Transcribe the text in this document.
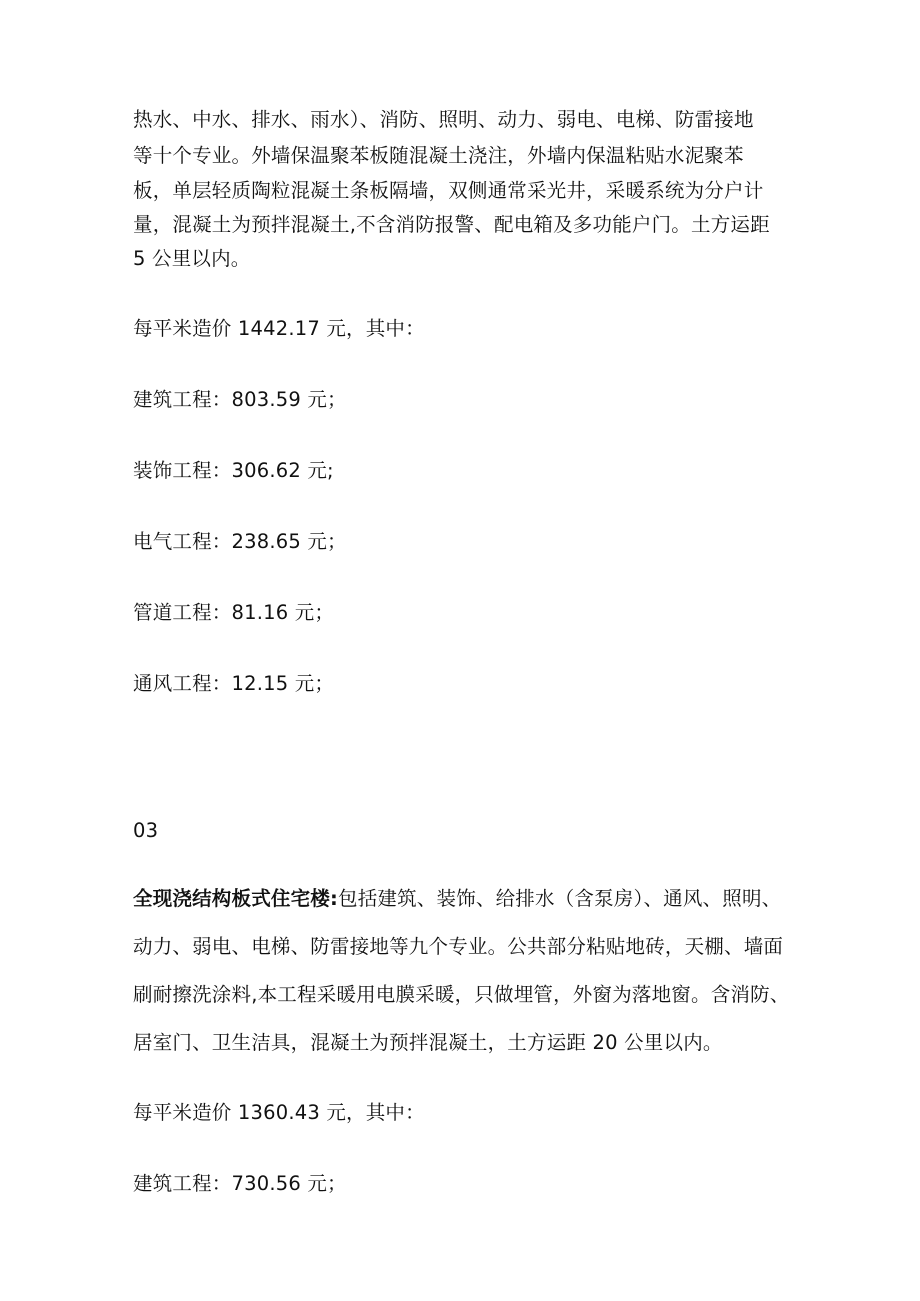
热水、中水、排水、雨水）、消防、照明、动力、弱电、电梯、防雷接地
等十个专业。外墙保温聚苯板随混凝土浇注，外墙内保温粘贴水泥聚苯
板，单层轻质陶粒混凝土条板隔墙，双侧通常采光井，采暖系统为分户计
量，混凝土为预拌混凝土,不含消防报警、配电箱及多功能户门。土方运距
5 公里以内。
每平米造价 1442.17 元，其中：
建筑工程：803.59 元；
装饰工程：306.62 元;
电气工程：238.65 元；
管道工程：81.16 元；
通风工程：12.15 元；
03
全现浇结构板式住宅楼:包括建筑、装饰、给排水（含泵房）、通风、照明、
动力、弱电、电梯、防雷接地等九个专业。公共部分粘贴地砖，天棚、墙面
刷耐擦洗涂料,本工程采暖用电膜采暖，只做埋管，外窗为落地窗。含消防、
居室门、卫生洁具，混凝土为预拌混凝土，土方运距 20 公里以内。
每平米造价 1360.43 元，其中：
建筑工程：730.56 元；
